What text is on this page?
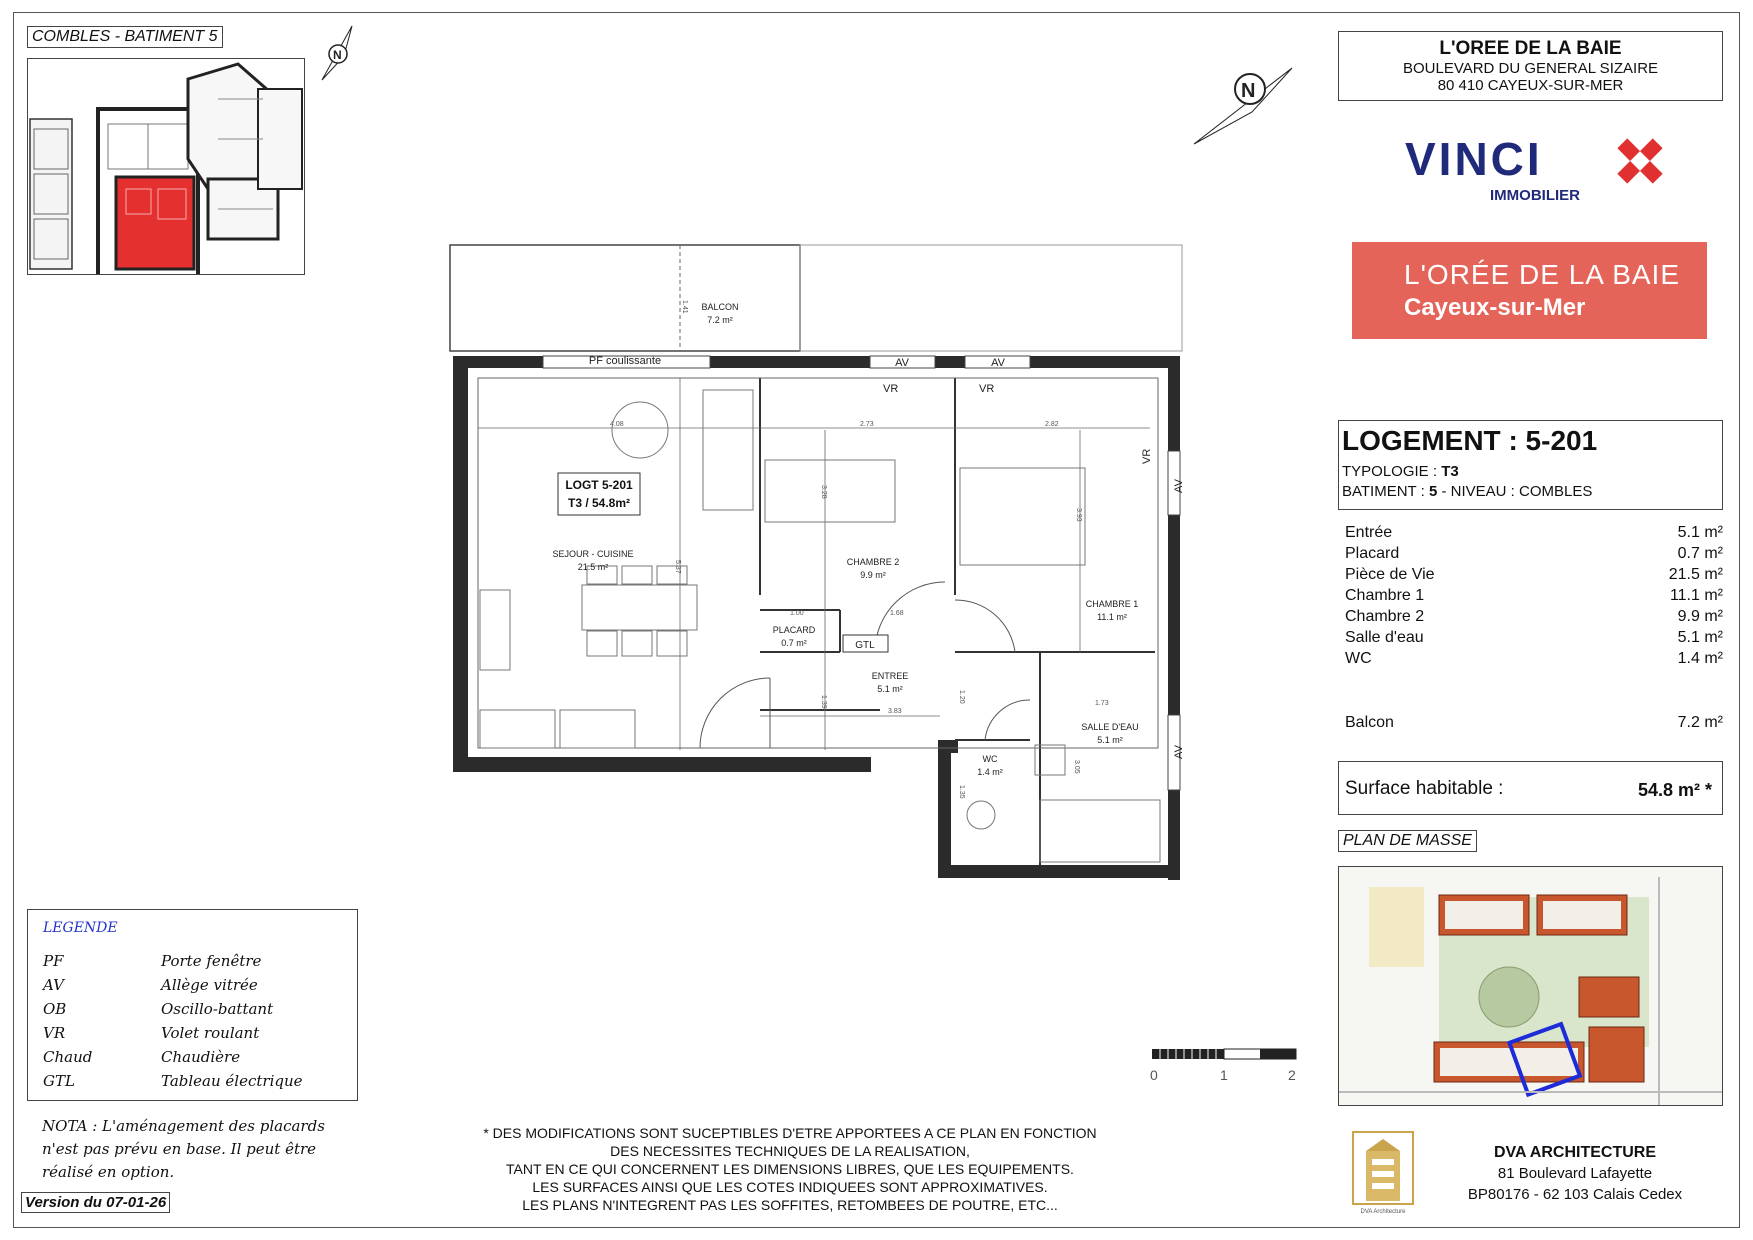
COMBLES - BATIMENT 5
N	L'OREE DE LA BAIE
BOULEVARD DU GENERAL SIZAIRE
80 410 CAYEUX-SUR-MER
N
VINCI
IMMOBILIER
L'ORÉE DE LA BAIE
Cayeux-sur-Mer
LOGEMENT : 5-201
TYPOLOGIE : T3
BATIMENT : 5 - NIVEAU : COMBLES
Entrée	5.1 m²
Placard	0.7 m²
Pièce de Vie	21.5 m²
Chambre 1	11.1 m²
Chambre 2	9.9 m²
Salle d'eau	5.1 m²
WC	1.4 m²
Balcon	7.2 m²
Surface habitable :	54.8 m² *
PLAN DE MASSE
DVA Architecture
DVA ARCHITECTURE
81 Boulevard Lafayette
BP80176 - 62 103 Calais Cedex
LEGENDE
PF	Porte fenêtre
AV	Allège vitrée
OB	Oscillo-battant
VR	Volet roulant
Chaud	Chaudière
GTL	Tableau électrique
NOTA : L'aménagement des placards
n'est pas prévu en base. Il peut être
réalisé en option.
Version du 07-01-26
* DES MODIFICATIONS SONT SUCEPTIBLES D'ETRE APPORTEES A CE PLAN EN FONCTION
DES NECESSITES TECHNIQUES DE LA REALISATION,
TANT EN CE QUI CONCERNENT LES DIMENSIONS LIBRES, QUE LES EQUIPEMENTS.
LES SURFACES AINSI QUE LES COTES INDIQUEES SONT APPROXIMATIVES.
LES PLANS N'INTEGRENT PAS LES SOFFITES, RETOMBEES DE POUTRE, ETC...
0	1	2
BALCON
7.2 m²
1.41
PF coulissante	AV	AV
AV
AV
4.08
5.37
3.28
2.73	2.82
3.93
1.68
1.00
1.39
3.83
1.20	1.73
3.05
1.35
VR	VR
VR
GTL
LOGT 5-201
T3 / 54.8m²
SEJOUR - CUISINE
21.5 m²	CHAMBRE 2
9.9 m²
CHAMBRE 1
11.1 m²
PLACARD
0.7 m²
ENTREE
5.1 m²
SALLE D'EAU
5.1 m²
WC
1.4 m²
